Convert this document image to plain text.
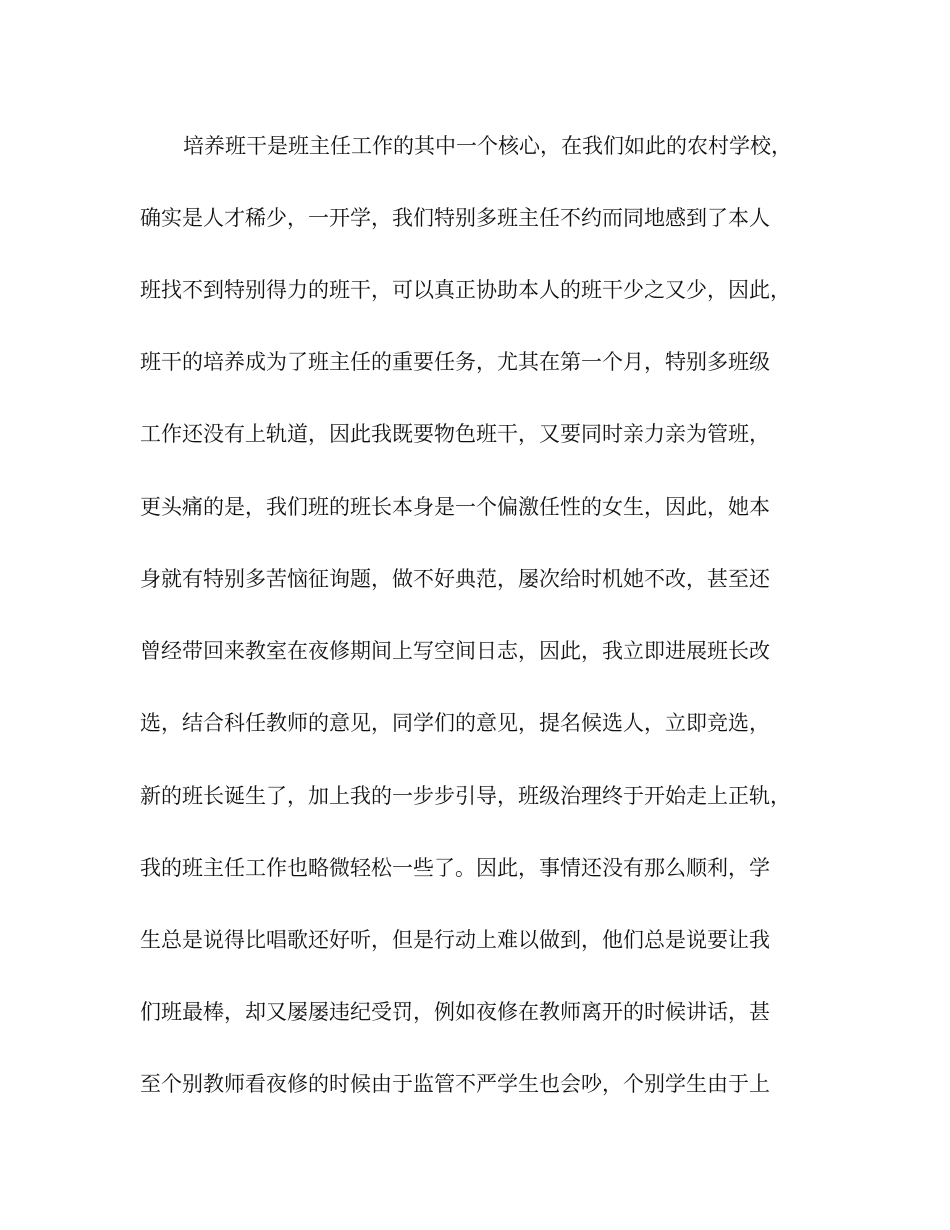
培养班干是班主任工作的其中一个核心，在我们如此的农村学校，
确实是人才稀少，一开学，我们特别多班主任不约而同地感到了本人
班找不到特别得力的班干，可以真正协助本人的班干少之又少，因此，
班干的培养成为了班主任的重要任务，尤其在第一个月，特别多班级
工作还没有上轨道，因此我既要物色班干，又要同时亲力亲为管班，
更头痛的是，我们班的班长本身是一个偏激任性的女生，因此，她本
身就有特别多苦恼征询题，做不好典范，屡次给时机她不改，甚至还
曾经带回来教室在夜修期间上写空间日志，因此，我立即进展班长改
选，结合科任教师的意见，同学们的意见，提名候选人，立即竞选，
新的班长诞生了，加上我的一步步引导，班级治理终于开始走上正轨，
我的班主任工作也略微轻松一些了。因此，事情还没有那么顺利，学
生总是说得比唱歌还好听，但是行动上难以做到，他们总是说要让我
们班最棒，却又屡屡违纪受罚，例如夜修在教师离开的时候讲话，甚
至个别教师看夜修的时候由于监管不严学生也会吵，个别学生由于上
